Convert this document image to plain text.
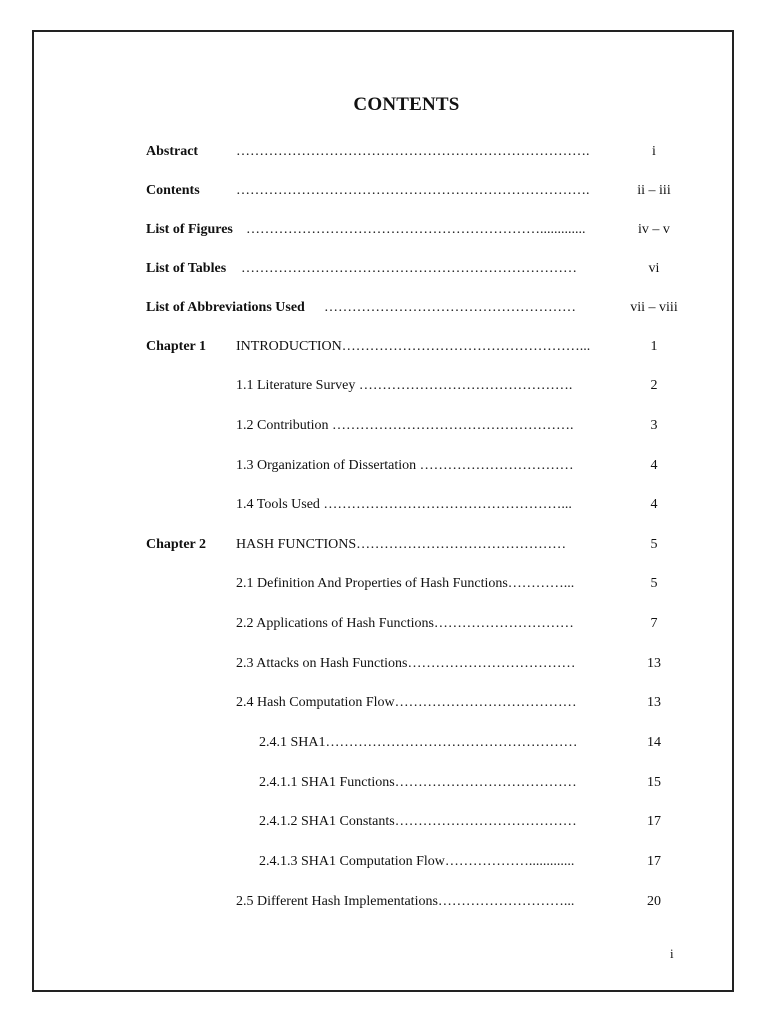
CONTENTS
Abstract	………………………………………………………………….	i
Contents	………………………………………………………………….	ii – iii
List of Figures ……………………………………………………….............	iv – v
List of Tables ………………………………………………………………	vi
List of Abbreviations Used ………………………………………………	vii – viii
Chapter 1 INTRODUCTION……………………………………………...	1
1.1 Literature Survey ……………………………………….	2
1.2 Contribution …………………………………………….	3
1.3 Organization of Dissertation ……………………………	4
1.4 Tools Used ……………………………………………...	4
Chapter 2 HASH FUNCTIONS………………………………………	5
2.1 Definition And Properties of Hash Functions…………...	5
2.2 Applications of Hash Functions…………………………	7
2.3 Attacks on Hash Functions………………………………	13
2.4 Hash Computation Flow…………………………………	13
2.4.1 SHA1………………………………………………	14
2.4.1.1 SHA1 Functions…………………………………	15
2.4.1.2 SHA1 Constants…………………………………	17
2.4.1.3 SHA1 Computation Flow……………….............	17
2.5 Different Hash Implementations………………………...	20
i
